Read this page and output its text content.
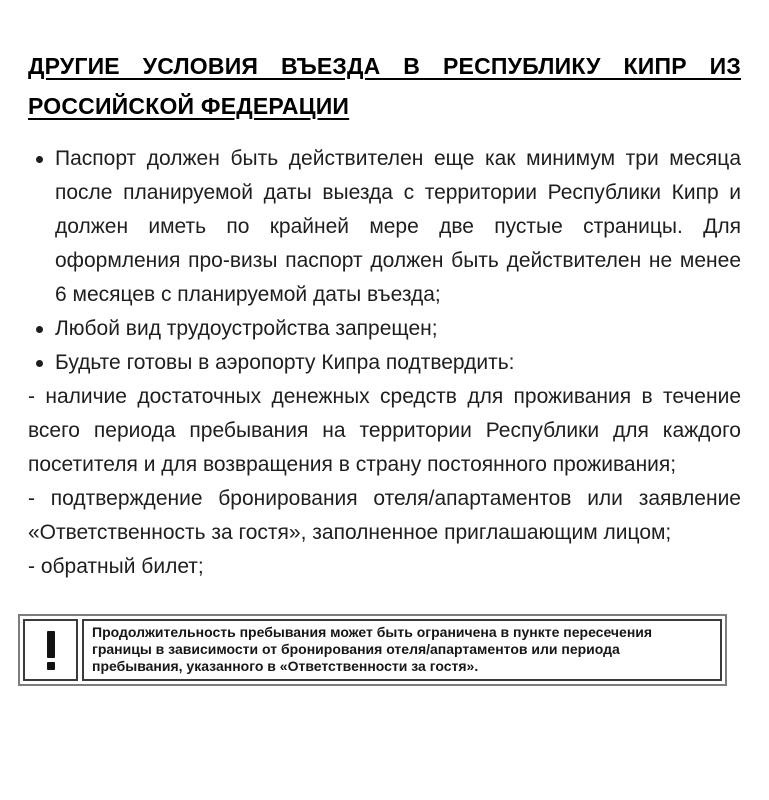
ДРУГИЕ УСЛОВИЯ ВЪЕЗДА В РЕСПУБЛИКУ КИПР ИЗ
РОССИЙСКОЙ ФЕДЕРАЦИИ
Паспорт должен быть действителен еще как минимум три месяца после планируемой даты выезда с территории Республики Кипр и должен иметь по крайней мере две пустые страницы. Для оформления про-визы паспорт должен быть действителен не менее 6 месяцев с планируемой даты въезда;
Любой вид трудоустройства запрещен;
Будьте готовы в аэропорту Кипра подтвердить:

- наличие достаточных денежных средств для проживания в течение всего периода пребывания на территории Республики для каждого посетителя и для возвращения в страну постоянного проживания;

- подтверждение бронирования отеля/апартаментов или заявление «Ответственность за гостя», заполненное приглашающим лицом;

- обратный билет;

Продолжительность пребывания может быть ограничена в пункте пересечения границы в зависимости от бронирования отеля/апартаментов или периода пребывания, указанного в «Ответственности за гостя».
